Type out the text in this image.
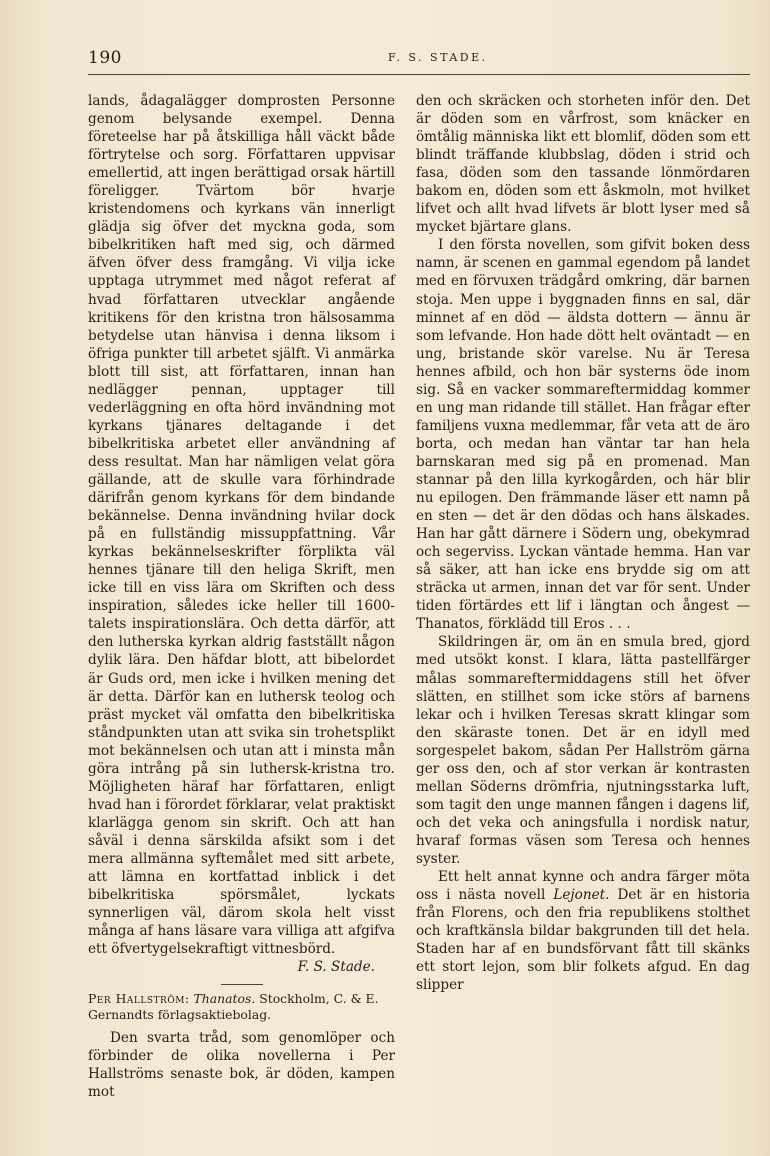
190	F. S. STADE.

lands, ådagalägger domprosten Personne genom belysande exempel. Denna företeelse har på åtskilliga håll väckt både förtrytelse och sorg. Författaren uppvisar emellertid, att ingen berättigad orsak härtill föreligger. Tvärtom bör hvarje kristendomens och kyrkans vän innerligt glädja sig öfver det myckna goda, som bibelkritiken haft med sig, och därmed äfven öfver dess framgång. Vi vilja icke upptaga utrymmet med något referat af hvad författaren utvecklar angående kritikens för den kristna tron hälsosamma betydelse utan hänvisa i denna liksom i öfriga punkter till arbetet själft. Vi anmärka blott till sist, att författaren, innan han nedlägger pennan, upptager till vederläggning en ofta hörd invändning mot kyrkans tjänares deltagande i det bibelkritiska arbetet eller användning af dess resultat. Man har nämligen velat göra gällande, att de skulle vara förhindrade därifrån genom kyrkans för dem bindande bekännelse. Denna invändning hvilar dock på en fullständig missuppfattning. Vår kyrkas bekännelseskrifter förplikta väl hennes tjänare till den heliga Skrift, men icke till en viss lära om Skriften och dess inspiration, således icke heller till 1600-talets inspirationslära. Och detta därför, att den lutherska kyrkan aldrig fastställt någon dylik lära. Den häfdar blott, att bibelordet är Guds ord, men icke i hvilken mening det är detta. Därför kan en luthersk teolog och präst mycket väl omfatta den bibelkritiska ståndpunkten utan att svika sin trohetsplikt mot bekännelsen och utan att i minsta mån göra intrång på sin luthersk-kristna tro. Möjligheten häraf har författaren, enligt hvad han i förordet förklarar, velat praktiskt klarlägga genom sin skrift. Och att han såväl i denna särskilda afsikt som i det mera allmänna syftemålet med sitt arbete, att lämna en kortfattad inblick i det bibelkritiska spörsmålet, lyckats synnerligen väl, därom skola helt visst många af hans läsare vara villiga att afgifva ett öfvertygelsekraftigt vittnesbörd.

F. S. Stade.

Per Hallström: Thanatos. Stockholm, C. & E. Gernandts förlagsaktiebolag.

Den svarta tråd, som genomlöper och förbinder de olika novellerna i Per Hallströms senaste bok, är döden, kampen mot

den och skräcken och storheten inför den. Det är döden som en vårfrost, som knäcker en ömtålig människa likt ett blomlif, döden som ett blindt träffande klubbslag, döden i strid och fasa, döden som den tassande lönmördaren bakom en, döden som ett åskmoln, mot hvilket lifvet och allt hvad lifvets är blott lyser med så mycket bjärtare glans.

I den första novellen, som gifvit boken dess namn, är scenen en gammal egendom på landet med en förvuxen trädgård omkring, där barnen stoja. Men uppe i byggnaden finns en sal, där minnet af en död — äldsta dottern — ännu är som lefvande. Hon hade dött helt oväntadt — en ung, bristande skör varelse. Nu är Teresa hennes afbild, och hon bär systerns öde inom sig. Så en vacker sommareftermiddag kommer en ung man ridande till stället. Han frågar efter familjens vuxna medlemmar, får veta att de äro borta, och medan han väntar tar han hela barnskaran med sig på en promenad. Man stannar på den lilla kyrkogården, och här blir nu epilogen. Den främmande läser ett namn på en sten — det är den dödas och hans älskades. Han har gått därnere i Södern ung, obekymrad och segerviss. Lyckan väntade hemma. Han var så säker, att han icke ens brydde sig om att sträcka ut armen, innan det var för sent. Under tiden förtärdes ett lif i längtan och ångest — Thanatos, förklädd till Eros . . .

Skildringen är, om än en smula bred, gjord med utsökt konst. I klara, lätta pastellfärger målas sommareftermiddagens still het öfver slätten, en stillhet som icke störs af barnens lekar och i hvilken Teresas skratt klingar som den skäraste tonen. Det är en idyll med sorgespelet bakom, sådan Per Hallström gärna ger oss den, och af stor verkan är kontrasten mellan Söderns drömfria, njutningsstarka luft, som tagit den unge mannen fången i dagens lif, och det veka och aningsfulla i nordisk natur, hvaraf formas väsen som Teresa och hennes syster.

Ett helt annat kynne och andra färger möta oss i nästa novell Lejonet. Det är en historia från Florens, och den fria republikens stolthet och kraftkänsla bildar bakgrunden till det hela. Staden har af en bundsförvant fått till skänks ett stort lejon, som blir folkets afgud. En dag slipper
